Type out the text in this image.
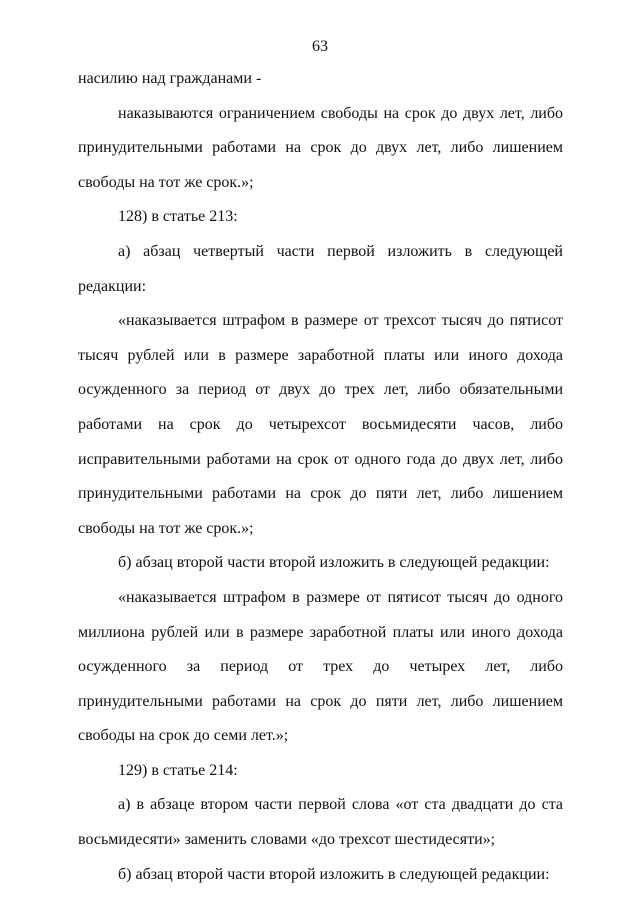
63

насилию над гражданами -

наказываются ограничением свободы на срок до двух лет, либо принудительными работами на срок до двух лет, либо лишением свободы на тот же срок.»;

128) в статье 213:

а) абзац четвертый части первой изложить в следующей редакции:

«наказывается штрафом в размере от трехсот тысяч до пятисот тысяч рублей или в размере заработной платы или иного дохода осужденного за период от двух до трех лет, либо обязательными работами на срок до четырехсот восьмидесяти часов, либо исправительными работами на срок от одного года до двух лет, либо принудительными работами на срок до пяти лет, либо лишением свободы на тот же срок.»;

б) абзац второй части второй изложить в следующей редакции:

«наказывается штрафом в размере от пятисот тысяч до одного миллиона рублей или в размере заработной платы или иного дохода осужденного за период от трех до четырех лет, либо принудительными работами на срок до пяти лет, либо лишением свободы на срок до семи лет.»;

129) в статье 214:

а) в абзаце втором части первой слова «от ста двадцати до ста восьмидесяти» заменить словами «до трехсот шестидесяти»;

б) абзац второй части второй изложить в следующей редакции:
